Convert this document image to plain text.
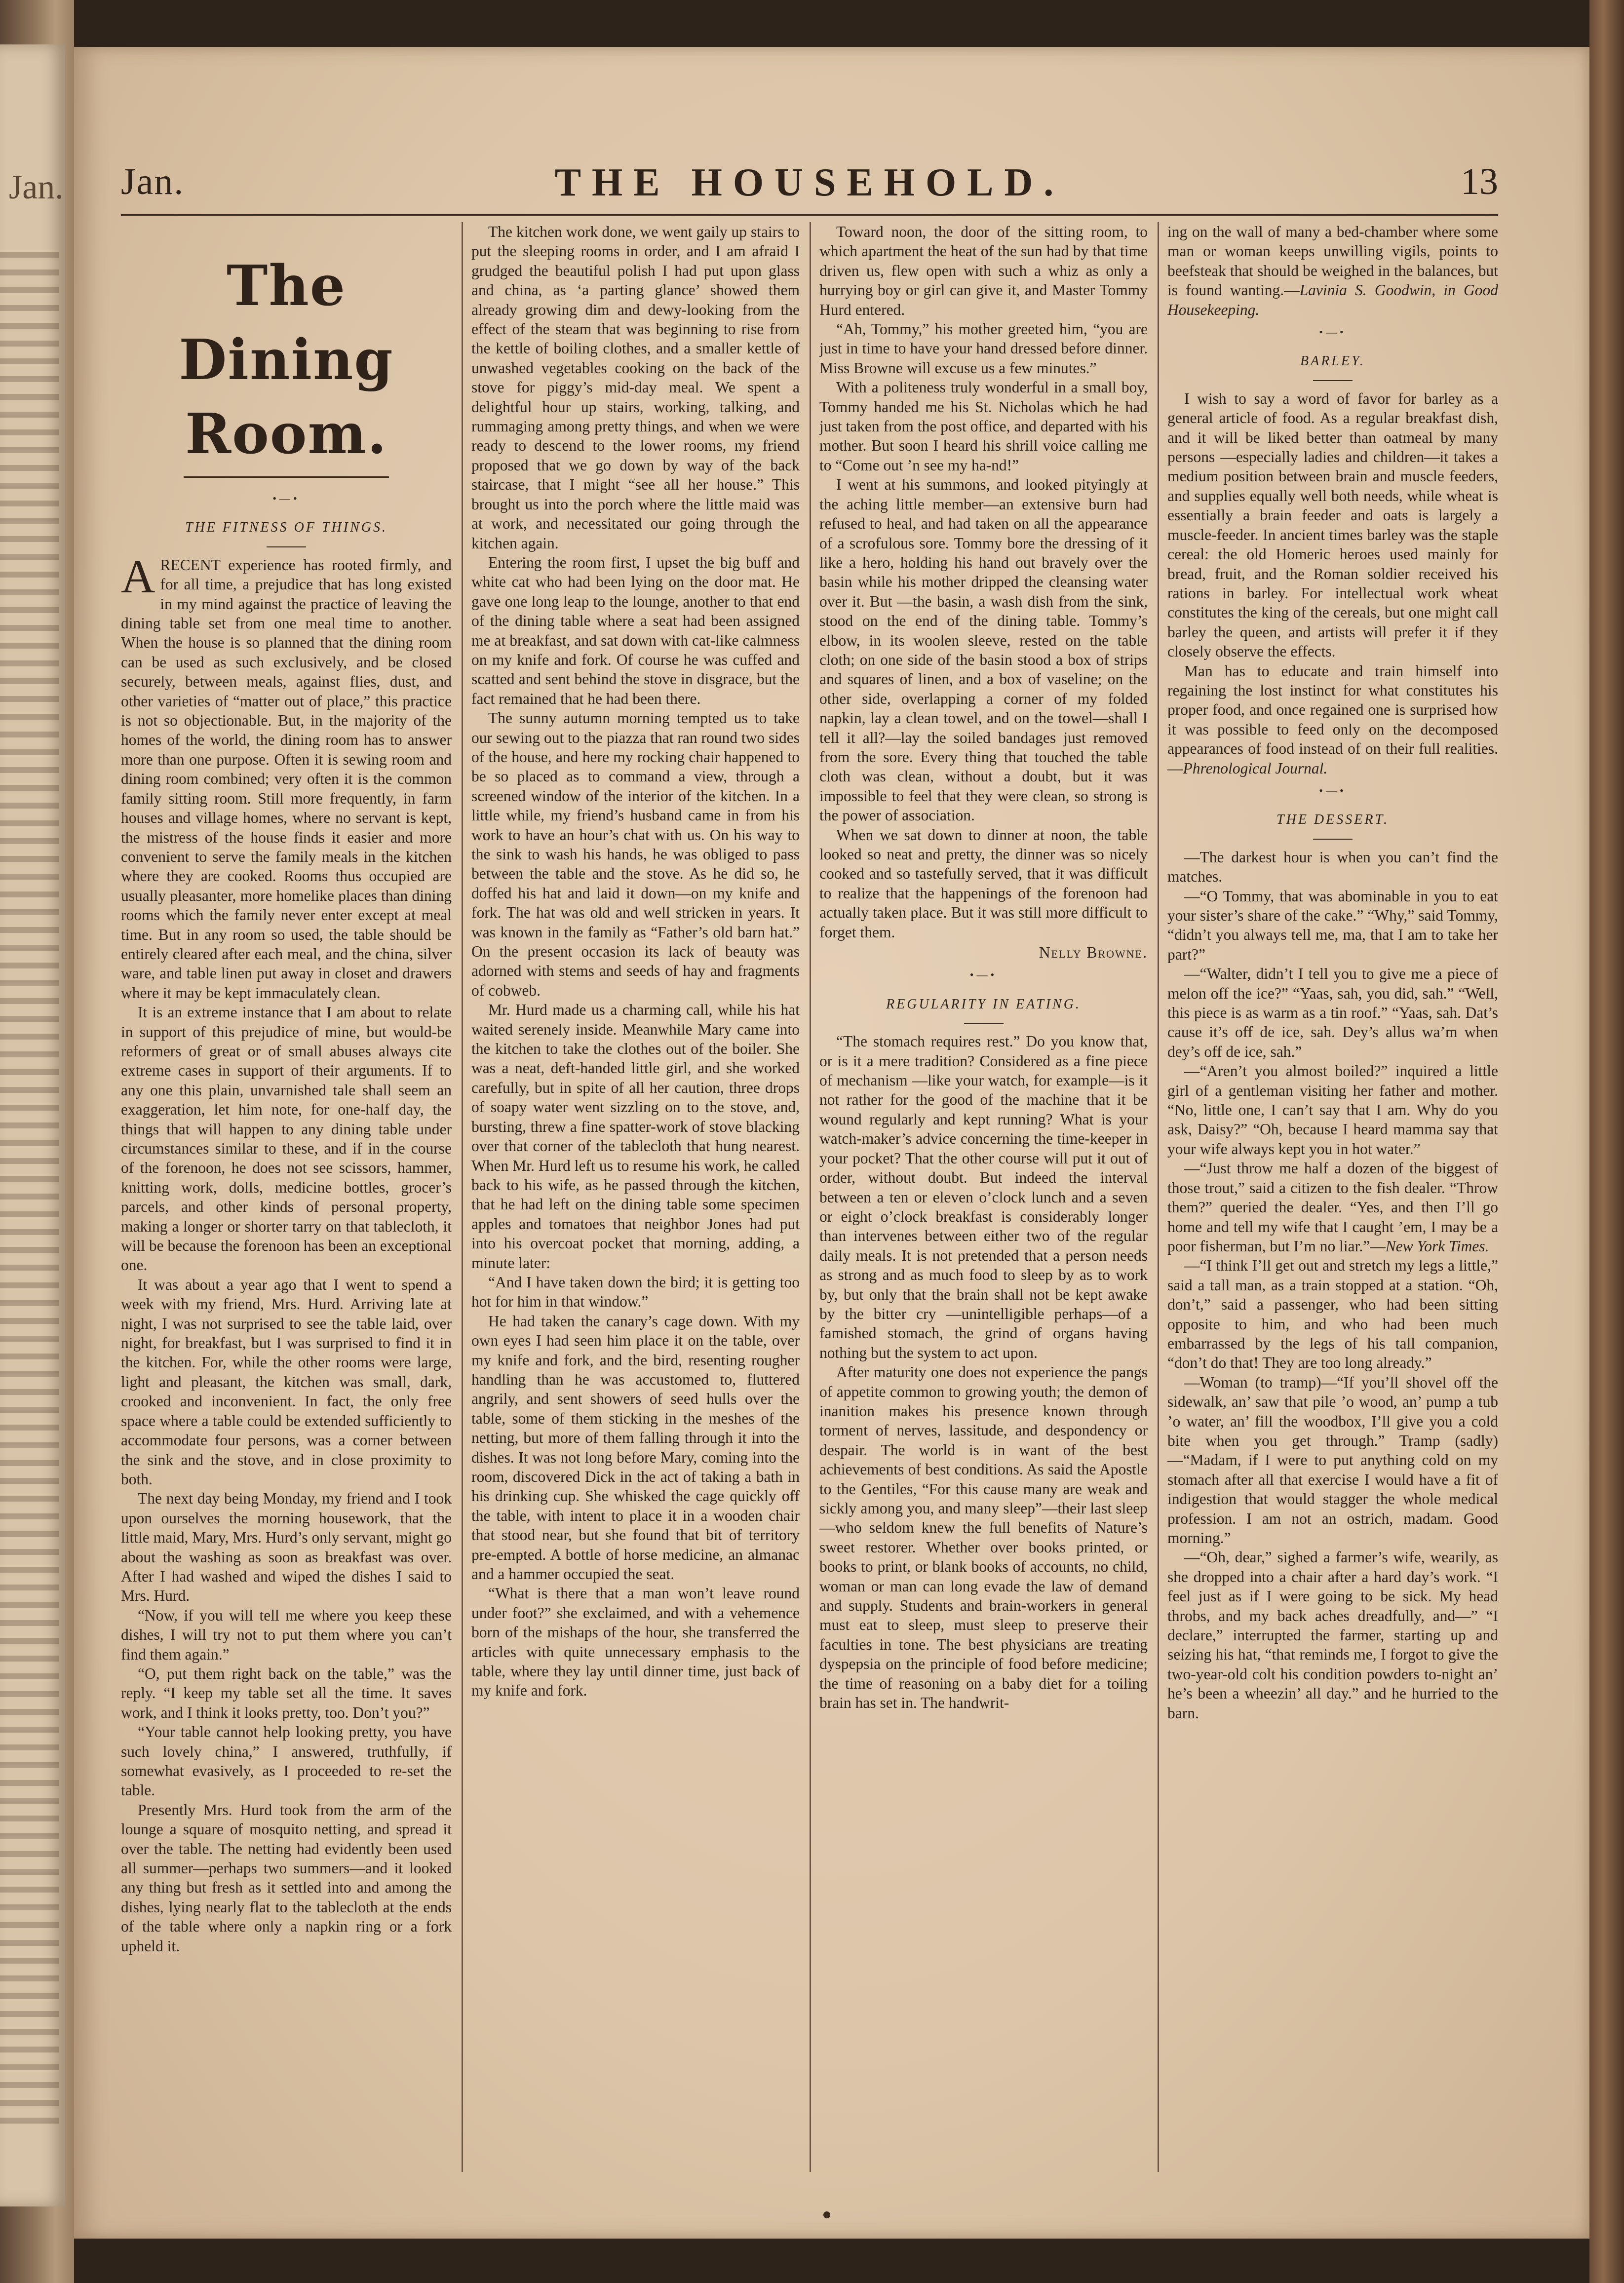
Jan. Jan.	THE HOUSEHOLD.	13
The Dining Room.
•—•
THE FITNESS OF THINGS.

ARECENT experience has rooted firmly, and for all time, a prejudice that has long existed in my mind against the practice of leaving the dining table set from one meal time to another. When the house is so planned that the dining room can be used as such exclusively, and be closed securely, between meals, against flies, dust, and other varieties of “matter out of place,” this practice is not so objectionable. But, in the majority of the homes of the world, the dining room has to answer more than one purpose. Often it is sewing room and dining room combined; very often it is the common family sitting room. Still more frequently, in farm houses and village homes, where no servant is kept, the mistress of the house finds it easier and more convenient to serve the family meals in the kitchen where they are cooked. Rooms thus occupied are usually pleasanter, more homelike places than dining rooms which the family never enter except at meal time. But in any room so used, the table should be entirely cleared after each meal, and the china, silver ware, and table linen put away in closet and drawers where it may be kept immaculately clean.

It is an extreme instance that I am about to relate in support of this prejudice of mine, but would-be reformers of great or of small abuses always cite extreme cases in support of their arguments. If to any one this plain, unvarnished tale shall seem an exaggeration, let him note, for one-half day, the things that will happen to any dining table under circumstances similar to these, and if in the course of the forenoon, he does not see scissors, hammer, knitting work, dolls, medicine bottles, grocer’s parcels, and other kinds of personal property, making a longer or shorter tarry on that tablecloth, it will be because the forenoon has been an exceptional one.

It was about a year ago that I went to spend a week with my friend, Mrs. Hurd. Arriving late at night, I was not surprised to see the table laid, over night, for breakfast, but I was surprised to find it in the kitchen. For, while the other rooms were large, light and pleasant, the kitchen was small, dark, crooked and inconvenient. In fact, the only free space where a table could be extended sufficiently to accommodate four persons, was a corner between the sink and the stove, and in close proximity to both.

The next day being Monday, my friend and I took upon ourselves the morning housework, that the little maid, Mary, Mrs. Hurd’s only servant, might go about the washing as soon as breakfast was over. After I had washed and wiped the dishes I said to Mrs. Hurd.

“Now, if you will tell me where you keep these dishes, I will try not to put them where you can’t find them again.”

“O, put them right back on the table,” was the reply. “I keep my table set all the time. It saves work, and I think it looks pretty, too. Don’t you?”

“Your table cannot help looking pretty, you have such lovely china,” I answered, truthfully, if somewhat evasively, as I proceeded to re-set the table.

Presently Mrs. Hurd took from the arm of the lounge a square of mosquito netting, and spread it over the table. The netting had evidently been used all summer—perhaps two summers—and it looked any thing but fresh as it settled into and among the dishes, lying nearly flat to the tablecloth at the ends of the table where only a napkin ring or a fork upheld it.

The kitchen work done, we went gaily up stairs to put the sleeping rooms in order, and I am afraid I grudged the beautiful polish I had put upon glass and china, as ‘a parting glance’ showed them already growing dim and dewy-looking from the effect of the steam that was beginning to rise from the kettle of boiling clothes, and a smaller kettle of unwashed vegetables cooking on the back of the stove for piggy’s mid-day meal. We spent a delightful hour up stairs, working, talking, and rummaging among pretty things, and when we were ready to descend to the lower rooms, my friend proposed that we go down by way of the back staircase, that I might “see all her house.” This brought us into the porch where the little maid was at work, and necessitated our going through the kitchen again.

Entering the room first, I upset the big buff and white cat who had been lying on the door mat. He gave one long leap to the lounge, another to that end of the dining table where a seat had been assigned me at breakfast, and sat down with cat-like calmness on my knife and fork. Of course he was cuffed and scatted and sent behind the stove in disgrace, but the fact remained that he had been there.

The sunny autumn morning tempted us to take our sewing out to the piazza that ran round two sides of the house, and here my rocking chair happened to be so placed as to command a view, through a screened window of the interior of the kitchen. In a little while, my friend’s husband came in from his work to have an hour’s chat with us. On his way to the sink to wash his hands, he was obliged to pass between the table and the stove. As he did so, he doffed his hat and laid it down—on my knife and fork. The hat was old and well stricken in years. It was known in the family as “Father’s old barn hat.” On the present occasion its lack of beauty was adorned with stems and seeds of hay and fragments of cobweb.

Mr. Hurd made us a charming call, while his hat waited serenely inside. Meanwhile Mary came into the kitchen to take the clothes out of the boiler. She was a neat, deft-handed little girl, and she worked carefully, but in spite of all her caution, three drops of soapy water went sizzling on to the stove, and, bursting, threw a fine spatter-work of stove blacking over that corner of the tablecloth that hung nearest. When Mr. Hurd left us to resume his work, he called back to his wife, as he passed through the kitchen, that he had left on the dining table some specimen apples and tomatoes that neighbor Jones had put into his overcoat pocket that morning, adding, a minute later:

“And I have taken down the bird; it is getting too hot for him in that window.”

He had taken the canary’s cage down. With my own eyes I had seen him place it on the table, over my knife and fork, and the bird, resenting rougher handling than he was accustomed to, fluttered angrily, and sent showers of seed hulls over the table, some of them sticking in the meshes of the netting, but more of them falling through it into the dishes. It was not long before Mary, coming into the room, discovered Dick in the act of taking a bath in his drinking cup. She whisked the cage quickly off the table, with intent to place it in a wooden chair that stood near, but she found that bit of territory pre-empted. A bottle of horse medicine, an almanac and a hammer occupied the seat.

“What is there that a man won’t leave round under foot?” she exclaimed, and with a vehemence born of the mishaps of the hour, she transferred the articles with quite unnecessary emphasis to the table, where they lay until dinner time, just back of my knife and fork.

Toward noon, the door of the sitting room, to which apartment the heat of the sun had by that time driven us, flew open with such a whiz as only a hurrying boy or girl can give it, and Master Tommy Hurd entered.

“Ah, Tommy,” his mother greeted him, “you are just in time to have your hand dressed before dinner. Miss Browne will excuse us a few minutes.”

With a politeness truly wonderful in a small boy, Tommy handed me his St. Nicholas which he had just taken from the post office, and departed with his mother. But soon I heard his shrill voice calling me to “Come out ’n see my ha-nd!”

I went at his summons, and looked pityingly at the aching little member—an extensive burn had refused to heal, and had taken on all the appearance of a scrofulous sore. Tommy bore the dressing of it like a hero, holding his hand out bravely over the basin while his mother dripped the cleansing water over it. But —the basin, a wash dish from the sink, stood on the end of the dining table. Tommy’s elbow, in its woolen sleeve, rested on the table cloth; on one side of the basin stood a box of strips and squares of linen, and a box of vaseline; on the other side, overlapping a corner of my folded napkin, lay a clean towel, and on the towel—shall I tell it all?—lay the soiled bandages just removed from the sore. Every thing that touched the table cloth was clean, without a doubt, but it was impossible to feel that they were clean, so strong is the power of association.

When we sat down to dinner at noon, the table looked so neat and pretty, the dinner was so nicely cooked and so tastefully served, that it was difficult to realize that the happenings of the forenoon had actually taken place. But it was still more difficult to forget them.

Nelly Browne.
•—•
REGULARITY IN EATING.

“The stomach requires rest.” Do you know that, or is it a mere tradition? Considered as a fine piece of mechanism —like your watch, for example—is it not rather for the good of the machine that it be wound regularly and kept running? What is your watch-maker’s advice concerning the time-keeper in your pocket? That the other course will put it out of order, without doubt. But indeed the interval between a ten or eleven o’clock lunch and a seven or eight o’clock breakfast is considerably longer than intervenes between either two of the regular daily meals. It is not pretended that a person needs as strong and as much food to sleep by as to work by, but only that the brain shall not be kept awake by the bitter cry —unintelligible perhaps—of a famished stomach, the grind of organs having nothing but the system to act upon.

After maturity one does not experience the pangs of appetite common to growing youth; the demon of inanition makes his presence known through torment of nerves, lassitude, and despondency or despair. The world is in want of the best achievements of best conditions. As said the Apostle to the Gentiles, “For this cause many are weak and sickly among you, and many sleep”—their last sleep—who seldom knew the full benefits of Nature’s sweet restorer. Whether over books printed, or books to print, or blank books of accounts, no child, woman or man can long evade the law of demand and supply. Students and brain-workers in general must eat to sleep, must sleep to preserve their faculties in tone. The best physicians are treating dyspepsia on the principle of food before medicine; the time of reasoning on a baby diet for a toiling brain has set in. The handwrit-

ing on the wall of many a bed-chamber where some man or woman keeps unwilling vigils, points to beefsteak that should be weighed in the balances, but is found wanting.—Lavinia S. Goodwin, in Good Housekeeping.

•—•
BARLEY.

I wish to say a word of favor for barley as a general article of food. As a regular breakfast dish, and it will be liked better than oatmeal by many persons —especially ladies and children—it takes a medium position between brain and muscle feeders, and supplies equally well both needs, while wheat is essentially a brain feeder and oats is largely a muscle-feeder. In ancient times barley was the staple cereal: the old Homeric heroes used mainly for bread, fruit, and the Roman soldier received his rations in barley. For intellectual work wheat constitutes the king of the cereals, but one might call barley the queen, and artists will prefer it if they closely observe the effects.

Man has to educate and train himself into regaining the lost instinct for what constitutes his proper food, and once regained one is surprised how it was possible to feed only on the decomposed appearances of food instead of on their full realities.—Phrenological Journal.

•—•
THE DESSERT.

—The darkest hour is when you can’t find the matches.

—“O Tommy, that was abominable in you to eat your sister’s share of the cake.” “Why,” said Tommy, “didn’t you always tell me, ma, that I am to take her part?”

—“Walter, didn’t I tell you to give me a piece of melon off the ice?” “Yaas, sah, you did, sah.” “Well, this piece is as warm as a tin roof.” “Yaas, sah. Dat’s cause it’s off de ice, sah. Dey’s allus wa’m when dey’s off de ice, sah.”

—“Aren’t you almost boiled?” inquired a little girl of a gentleman visiting her father and mother. “No, little one, I can’t say that I am. Why do you ask, Daisy?” “Oh, because I heard mamma say that your wife always kept you in hot water.”

—“Just throw me half a dozen of the biggest of those trout,” said a citizen to the fish dealer. “Throw them?” queried the dealer. “Yes, and then I’ll go home and tell my wife that I caught ’em, I may be a poor fisherman, but I’m no liar.”—New York Times.

—“I think I’ll get out and stretch my legs a little,” said a tall man, as a train stopped at a station. “Oh, don’t,” said a passenger, who had been sitting opposite to him, and who had been much embarrassed by the legs of his tall companion, “don’t do that! They are too long already.”

—Woman (to tramp)—“If you’ll shovel off the sidewalk, an’ saw that pile ’o wood, an’ pump a tub ’o water, an’ fill the woodbox, I’ll give you a cold bite when you get through.” Tramp (sadly)—“Madam, if I were to put anything cold on my stomach after all that exercise I would have a fit of indigestion that would stagger the whole medical profession. I am not an ostrich, madam. Good morning.”

—“Oh, dear,” sighed a farmer’s wife, wearily, as she dropped into a chair after a hard day’s work. “I feel just as if I were going to be sick. My head throbs, and my back aches dreadfully, and—” “I declare,” interrupted the farmer, starting up and seizing his hat, “that reminds me, I forgot to give the two-year-old colt his condition powders to-night an’ he’s been a wheezin’ all day.” and he hurried to the barn.
